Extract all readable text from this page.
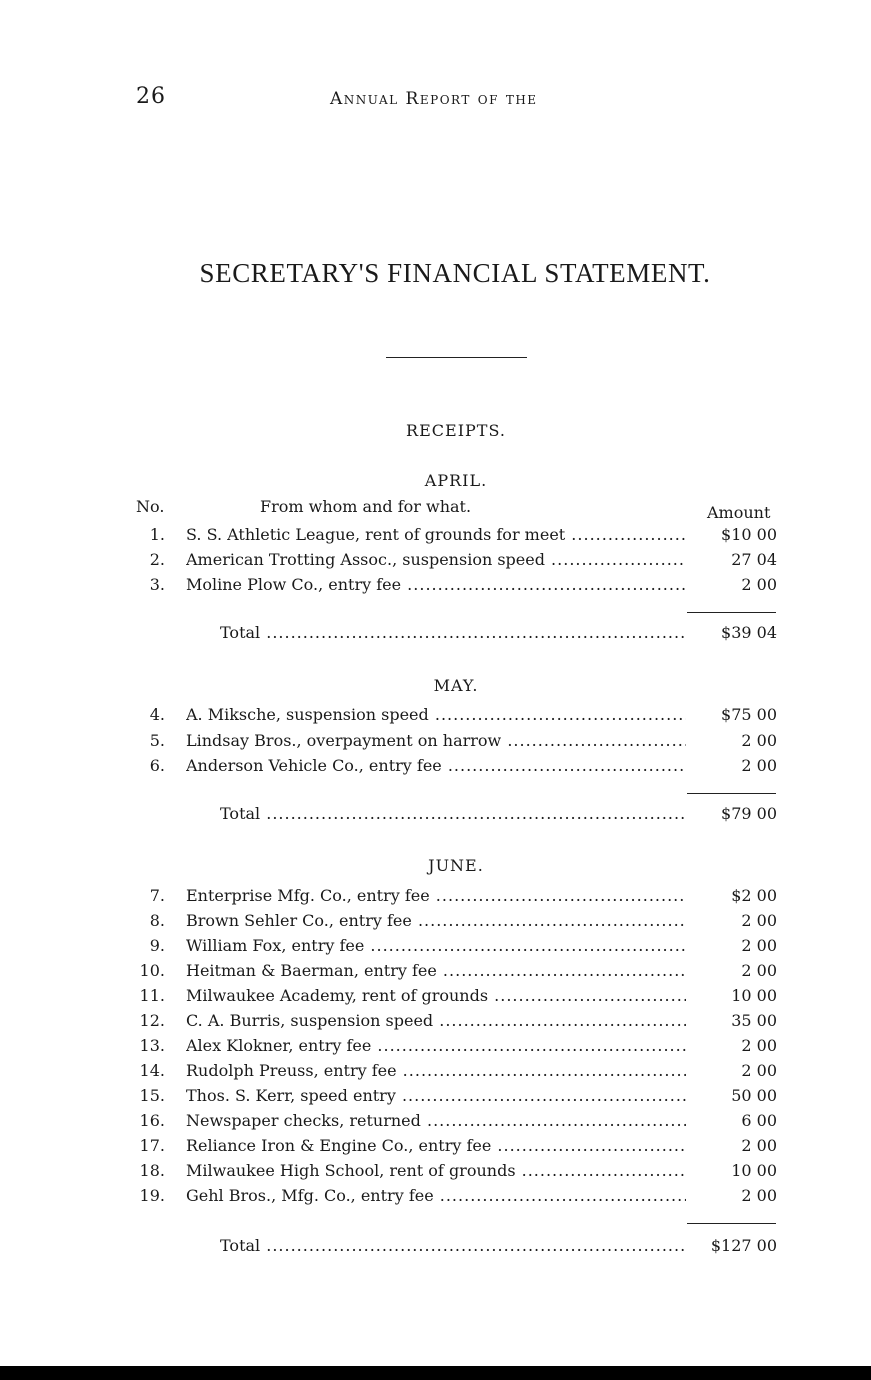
26	Annual Report of the
SECRETARY'S FINANCIAL STATEMENT.
RECEIPTS.
APRIL.
No.	From whom and for what.	Amount
1. S. S. Athletic League, rent of grounds for meet .....	$10 00
2. American Trotting Assoc., suspension speed .....	27 04
3. Moline Plow Co., entry fee .....	2 00
Total .....	$39 04
MAY.
4. A. Miksche, suspension speed .....	$75 00
5. Lindsay Bros., overpayment on harrow .....	2 00
6. Anderson Vehicle Co., entry fee .....	2 00
Total .....	$79 00
JUNE.
7. Enterprise Mfg. Co., entry fee .....	$2 00
8. Brown Sehler Co., entry fee .....	2 00
9. William Fox, entry fee .....	2 00
10. Heitman & Baerman, entry fee .....	2 00
11. Milwaukee Academy, rent of grounds .....	10 00
12. C. A. Burris, suspension speed .....	35 00
13. Alex Klokner, entry fee .....	2 00
14. Rudolph Preuss, entry fee .....	2 00
15. Thos. S. Kerr, speed entry .....	50 00
16. Newspaper checks, returned .....	6 00
17. Reliance Iron & Engine Co., entry fee .....	2 00
18. Milwaukee High School, rent of grounds .....	10 00
19. Gehl Bros., Mfg. Co., entry fee .....	2 00
Total .....	$127 00
